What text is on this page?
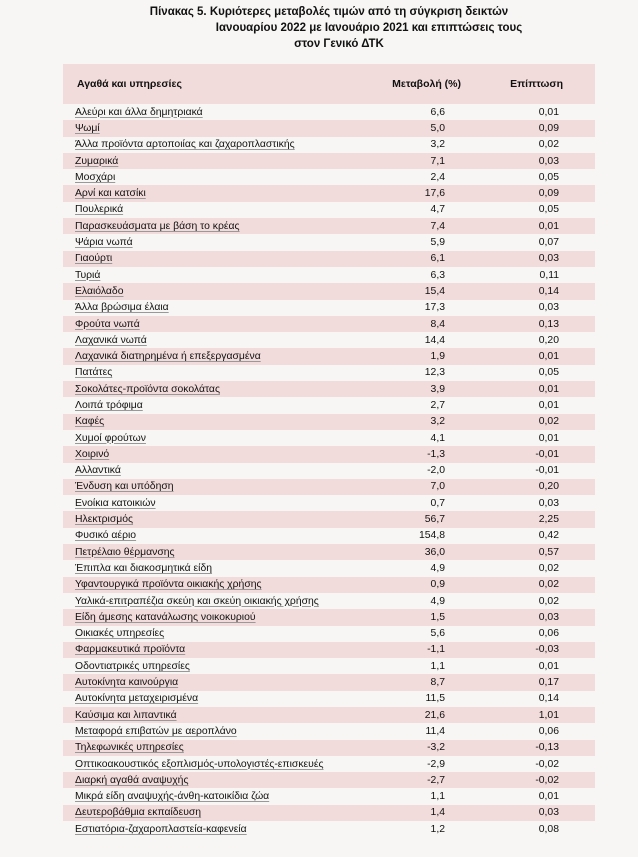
Πίνακας 5. Κυριότερες μεταβολές τιμών από τη σύγκριση δεικτών
Ιανουαρίου 2022 με Ιανουάριο 2021 και επιπτώσεις τους
στον Γενικό ΔΤΚ
Αγαθά και υπηρεσίες	Μεταβολή (%)	Επίπτωση
Αλεύρι και άλλα δημητριακά	6,6	0,01
Ψωμί	5,0	0,09
Άλλα προϊόντα αρτοποιίας και ζαχαροπλαστικής	3,2	0,02
Ζυμαρικά	7,1	0,03
Μοσχάρι	2,4	0,05
Αρνί και κατσίκι	17,6	0,09
Πουλερικά	4,7	0,05
Παρασκευάσματα με βάση το κρέας	7,4	0,01
Ψάρια νωπά	5,9	0,07
Γιαούρτι	6,1	0,03
Τυριά	6,3	0,11
Ελαιόλαδο	15,4	0,14
Άλλα βρώσιμα έλαια	17,3	0,03
Φρούτα νωπά	8,4	0,13
Λαχανικά νωπά	14,4	0,20
Λαχανικά διατηρημένα ή επεξεργασμένα	1,9	0,01
Πατάτες	12,3	0,05
Σοκολάτες-προϊόντα σοκολάτας	3,9	0,01
Λοιπά τρόφιμα	2,7	0,01
Καφές	3,2	0,02
Χυμοί φρούτων	4,1	0,01
Χοιρινό	-1,3	-0,01
Αλλαντικά	-2,0	-0,01
Ένδυση και υπόδηση	7,0	0,20
Ενοίκια κατοικιών	0,7	0,03
Ηλεκτρισμός	56,7	2,25
Φυσικό αέριο	154,8	0,42
Πετρέλαιο θέρμανσης	36,0	0,57
Έπιπλα και διακοσμητικά είδη	4,9	0,02
Υφαντουργικά προϊόντα οικιακής χρήσης	0,9	0,02
Υαλικά-επιτραπέζια σκεύη και σκεύη οικιακής χρήσης	4,9	0,02
Είδη άμεσης κατανάλωσης νοικοκυριού	1,5	0,03
Οικιακές υπηρεσίες	5,6	0,06
Φαρμακευτικά προϊόντα	-1,1	-0,03
Οδοντιατρικές υπηρεσίες	1,1	0,01
Αυτοκίνητα καινούργια	8,7	0,17
Αυτοκίνητα μεταχειρισμένα	11,5	0,14
Καύσιμα και λιπαντικά	21,6	1,01
Μεταφορά επιβατών με αεροπλάνο	11,4	0,06
Τηλεφωνικές υπηρεσίες	-3,2	-0,13
Οπτικοακουστικός εξοπλισμός-υπολογιστές-επισκευές	-2,9	-0,02
Διαρκή αγαθά αναψυχής	-2,7	-0,02
Μικρά είδη αναψυχής-άνθη-κατοικίδια ζώα	1,1	0,01
Δευτεροβάθμια εκπαίδευση	1,4	0,03
Εστιατόρια-ζαχαροπλαστεία-καφενεία	1,2	0,08
